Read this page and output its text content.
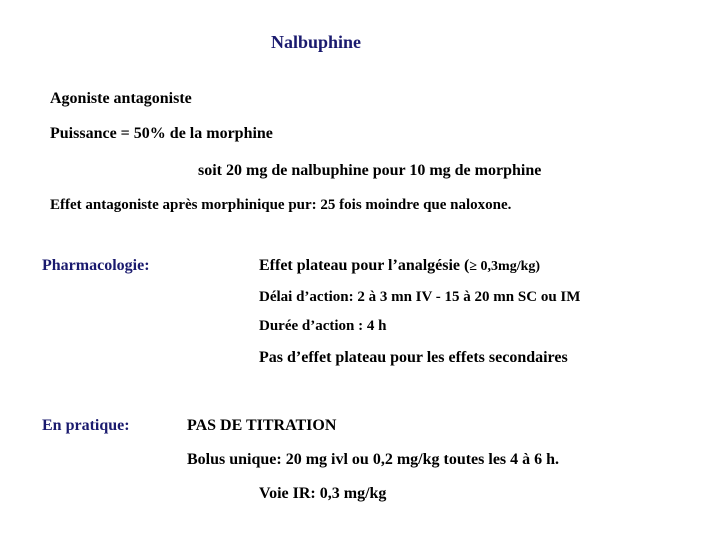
Nalbuphine
Agoniste antagoniste
Puissance = 50% de la morphine
soit 20 mg de nalbuphine pour 10 mg de morphine
Effet antagoniste après morphinique pur: 25 fois moindre que naloxone.
Pharmacologie:	Effet plateau pour l’analgésie (≥ 0,3mg/kg)
Délai d’action: 2 à 3 mn IV - 15 à 20 mn SC ou IM
Durée d’action : 4 h
Pas d’effet plateau pour les effets secondaires
En pratique:	PAS DE TITRATION
Bolus unique: 20 mg ivl ou 0,2 mg/kg toutes les 4 à 6 h.
Voie IR: 0,3 mg/kg
